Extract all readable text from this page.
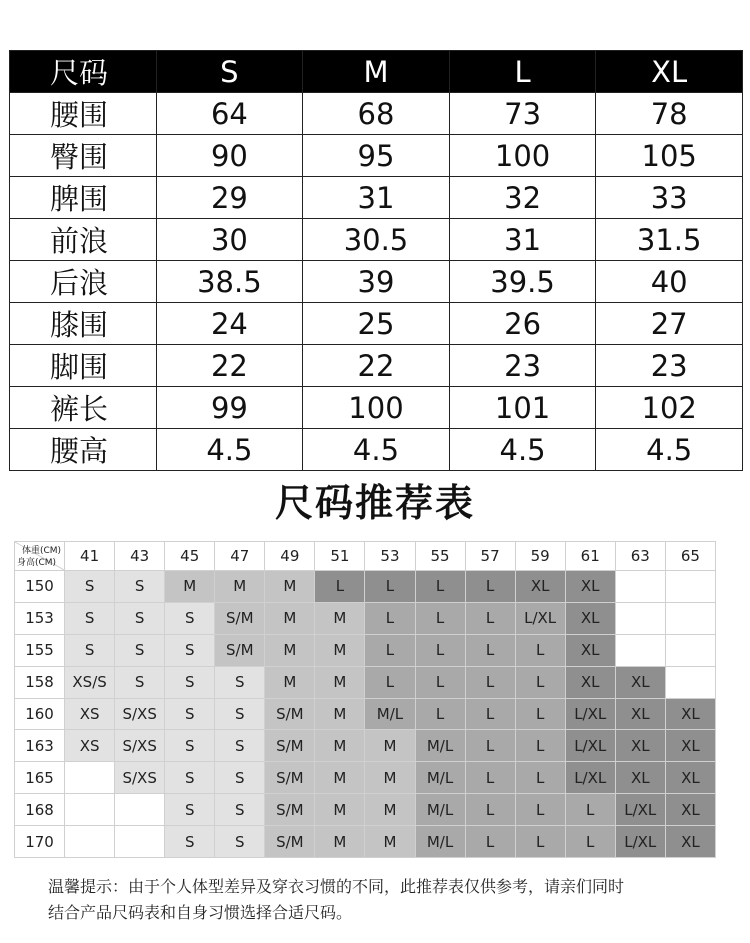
尺码	S	M	L	XL
腰围	64	68	73	78
臀围	90	95	100	105
脾围	29	31	32	33
前浪	30	30.5	31	31.5
后浪	38.5	39	39.5	40
膝围	24	25	26	27
脚围	22	22	23	23
裤长	99	100	101	102
腰高	4.5	4.5	4.5	4.5
尺码推荐表
体重(CM)
身高(CM)	41	43	45	47	49	51	53	55	57	59	61	63	65
150	S	S	M	M	M	L	L	L	L	XL	XL		
153	S	S	S	S/M	M	M	L	L	L	L/XL	XL		
155	S	S	S	S/M	M	M	L	L	L	L	XL		
158	XS/S	S	S	S	M	M	L	L	L	L	XL	XL	
160	XS	S/XS	S	S	S/M	M	M/L	L	L	L	L/XL	XL	XL
163	XS	S/XS	S	S	S/M	M	M	M/L	L	L	L/XL	XL	XL
165		S/XS	S	S	S/M	M	M	M/L	L	L	L/XL	XL	XL
168			S	S	S/M	M	M	M/L	L	L	L	L/XL	XL
170			S	S	S/M	M	M	M/L	L	L	L	L/XL	XL
温馨提示：由于个人体型差异及穿衣习惯的不同，此推荐表仅供参考，请亲们同时
结合产品尺码表和自身习惯选择合适尺码。
